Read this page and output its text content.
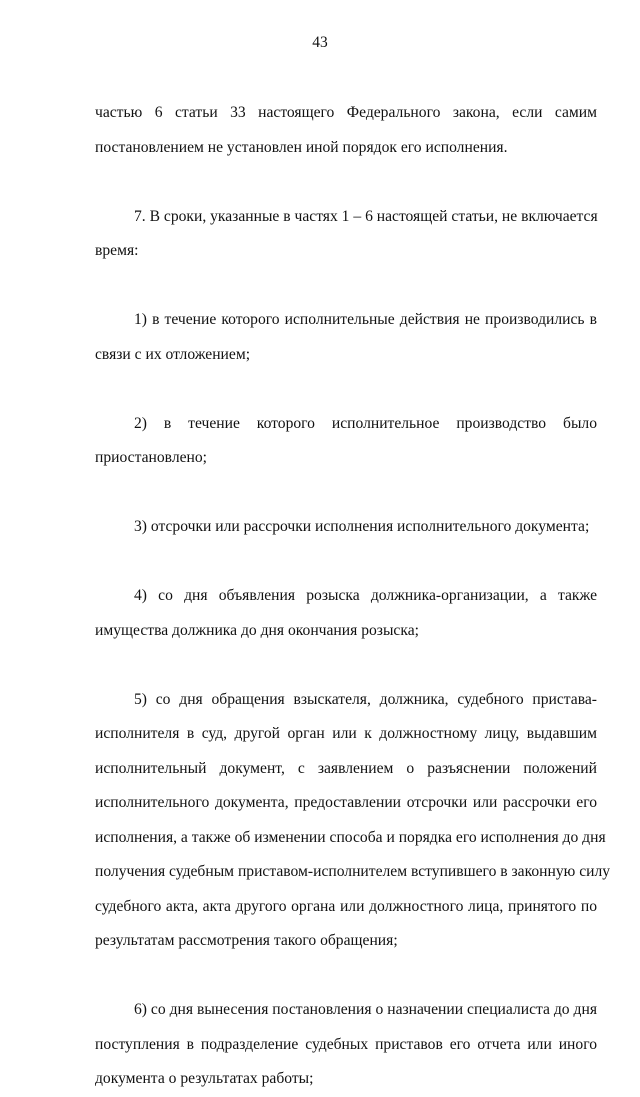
43
частью 6 статьи 33 настоящего Федерального закона, если самим
постановлением не установлен иной порядок его исполнения.
7. В сроки, указанные в частях 1 – 6 настоящей статьи, не включается
время:
1) в течение которого исполнительные действия не производились в
связи с их отложением;
2) в течение которого исполнительное производство было
приостановлено;
3) отсрочки или рассрочки исполнения исполнительного документа;
4) со дня объявления розыска должника-организации, а также
имущества должника до дня окончания розыска;
5) со дня обращения взыскателя, должника, судебного пристава-
исполнителя в суд, другой орган или к должностному лицу, выдавшим
исполнительный документ, с заявлением о разъяснении положений
исполнительного документа, предоставлении отсрочки или рассрочки его
исполнения, а также об изменении способа и порядка его исполнения до дня
получения судебным приставом-исполнителем вступившего в законную силу
судебного акта, акта другого органа или должностного лица, принятого по
результатам рассмотрения такого обращения;
6) со дня вынесения постановления о назначении специалиста до дня
поступления в подразделение судебных приставов его отчета или иного
документа о результатах работы;
